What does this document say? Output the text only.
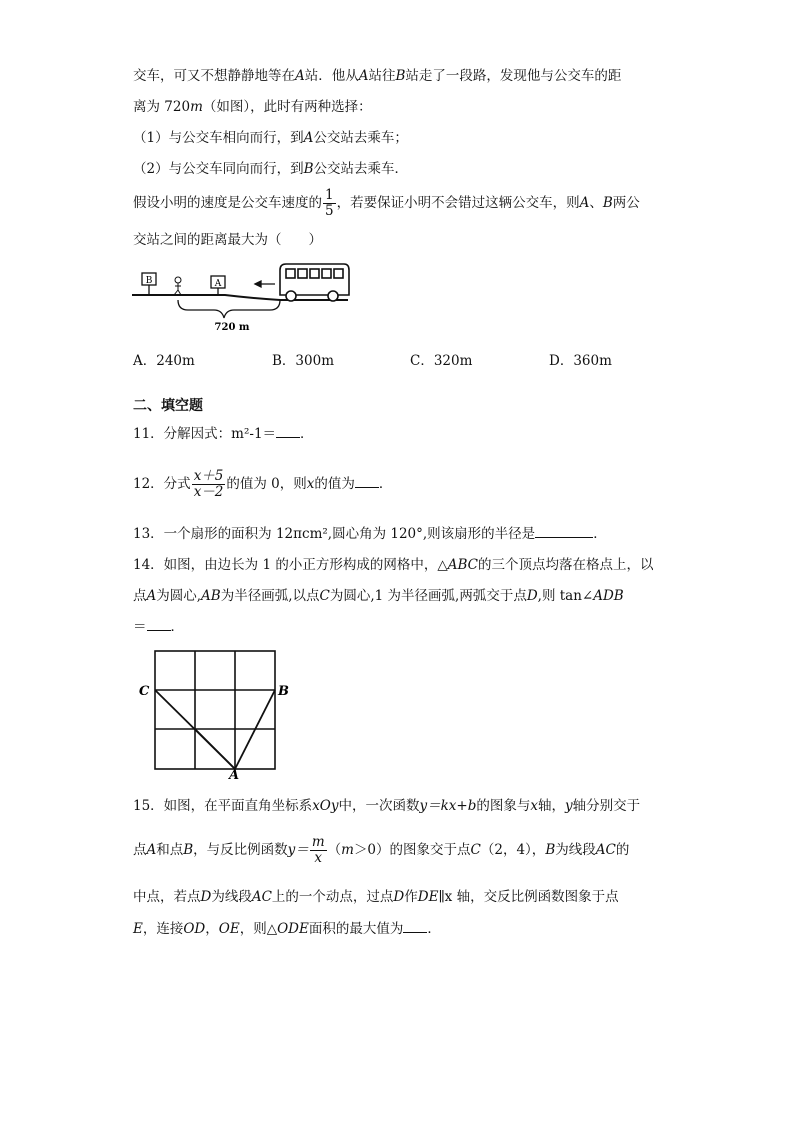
交车，可又不想静静地等在A站．他从A站往B站走了一段路，发现他与公交车的距
离为 720m（如图），此时有两种选择：
（1）与公交车相向而行，到A公交站去乘车；
（2）与公交车同向而行，到B公交站去乘车．
假设小明的速度是公交车速度的 $\frac{1}{5}$ ，若要保证小明不会错过这辆公交车，则A、B两公
交站之间的距离最大为（　　）
B	A
720 m
A．240m	B．300m	C．320m	D．360m
二、填空题
11．分解因式：m²-1＝ ．
12．分式 $\frac{x+5}{x-2}$ 的值为 0，则x的值为 ．
13．一个扇形的面积为 12πcm²,圆心角为 120°,则该扇形的半径是	．
14．如图，由边长为 1 的小正方形构成的网格中，△ABC的三个顶点均落在格点上，以
点A为圆心,AB为半径画弧,以点C为圆心,1 为半径画弧,两弧交于点D,则 tan∠ADB
＝ ．
C	B
A
15．如图，在平面直角坐标系xOy中，一次函数y＝kx+b的图象与x轴，y轴分别交于
点A和点B，与反比例函数$y= \frac{m}{x} (m>0)$的图象交于点C（2，4），B为线段AC的
中点，若点D为线段AC上的一个动点，过点D作DE∥x 轴，交反比例函数图象于点
E，连接OD，OE，则△ODE面积的最大值为 ．
